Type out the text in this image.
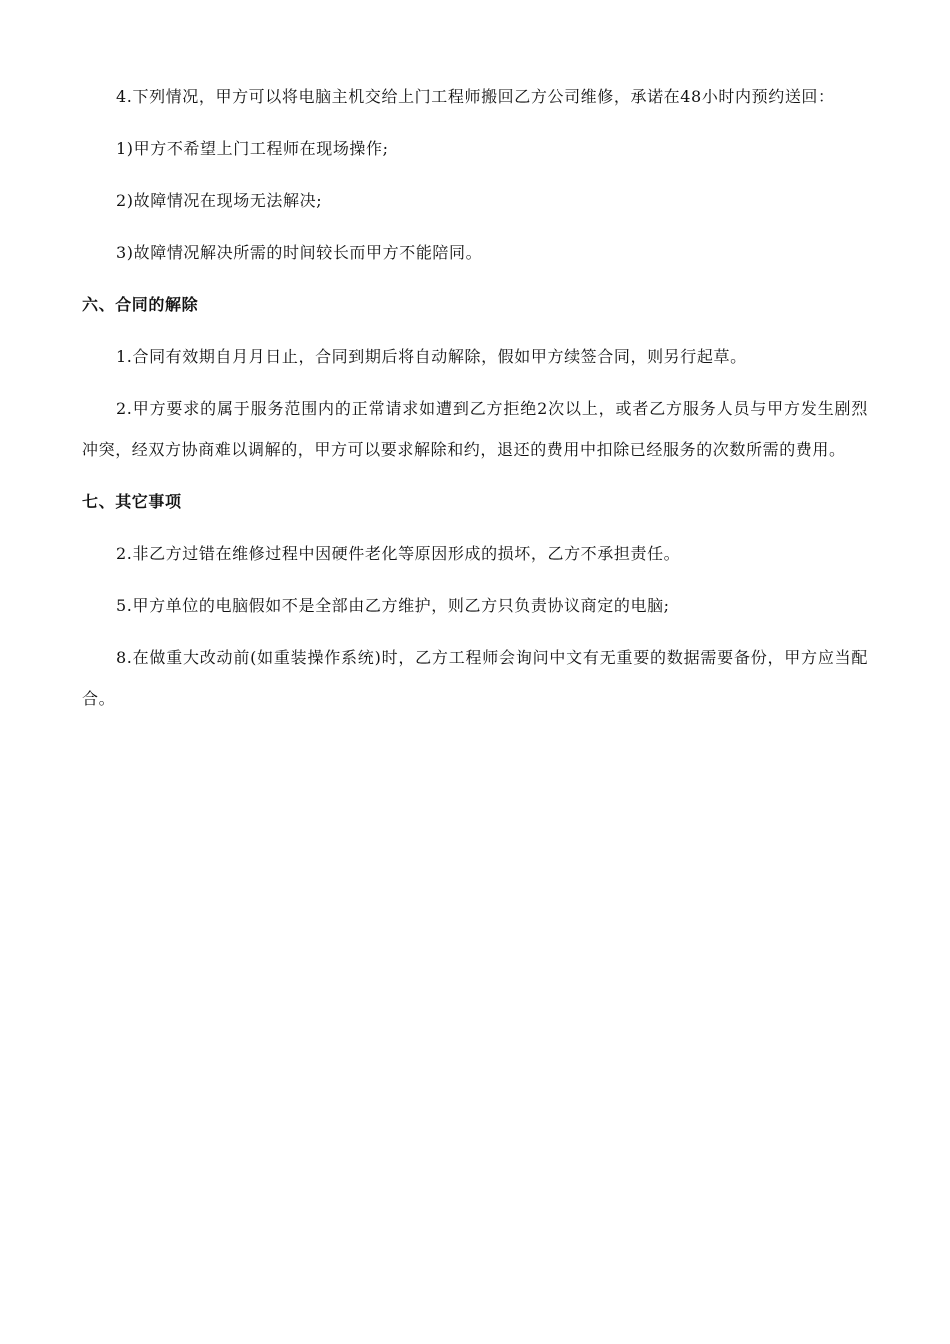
4.下列情况，甲方可以将电脑主机交给上门工程师搬回乙方公司维修，承诺在48小时内预约送回：

1)甲方不希望上门工程师在现场操作;

2)故障情况在现场无法解决;

3)故障情况解决所需的时间较长而甲方不能陪同。

六、合同的解除

1.合同有效期自月月日止，合同到期后将自动解除，假如甲方续签合同，则另行起草。

2.甲方要求的属于服务范围内的正常请求如遭到乙方拒绝2次以上，或者乙方服务人员与甲方发生剧烈冲突，经双方协商难以调解的，甲方可以要求解除和约，退还的费用中扣除已经服务的次数所需的费用。

七、其它事项

2.非乙方过错在维修过程中因硬件老化等原因形成的损坏，乙方不承担责任。

5.甲方单位的电脑假如不是全部由乙方维护，则乙方只负责协议商定的电脑;

8.在做重大改动前(如重装操作系统)时，乙方工程师会询问中文有无重要的数据需要备份，甲方应当配合。
